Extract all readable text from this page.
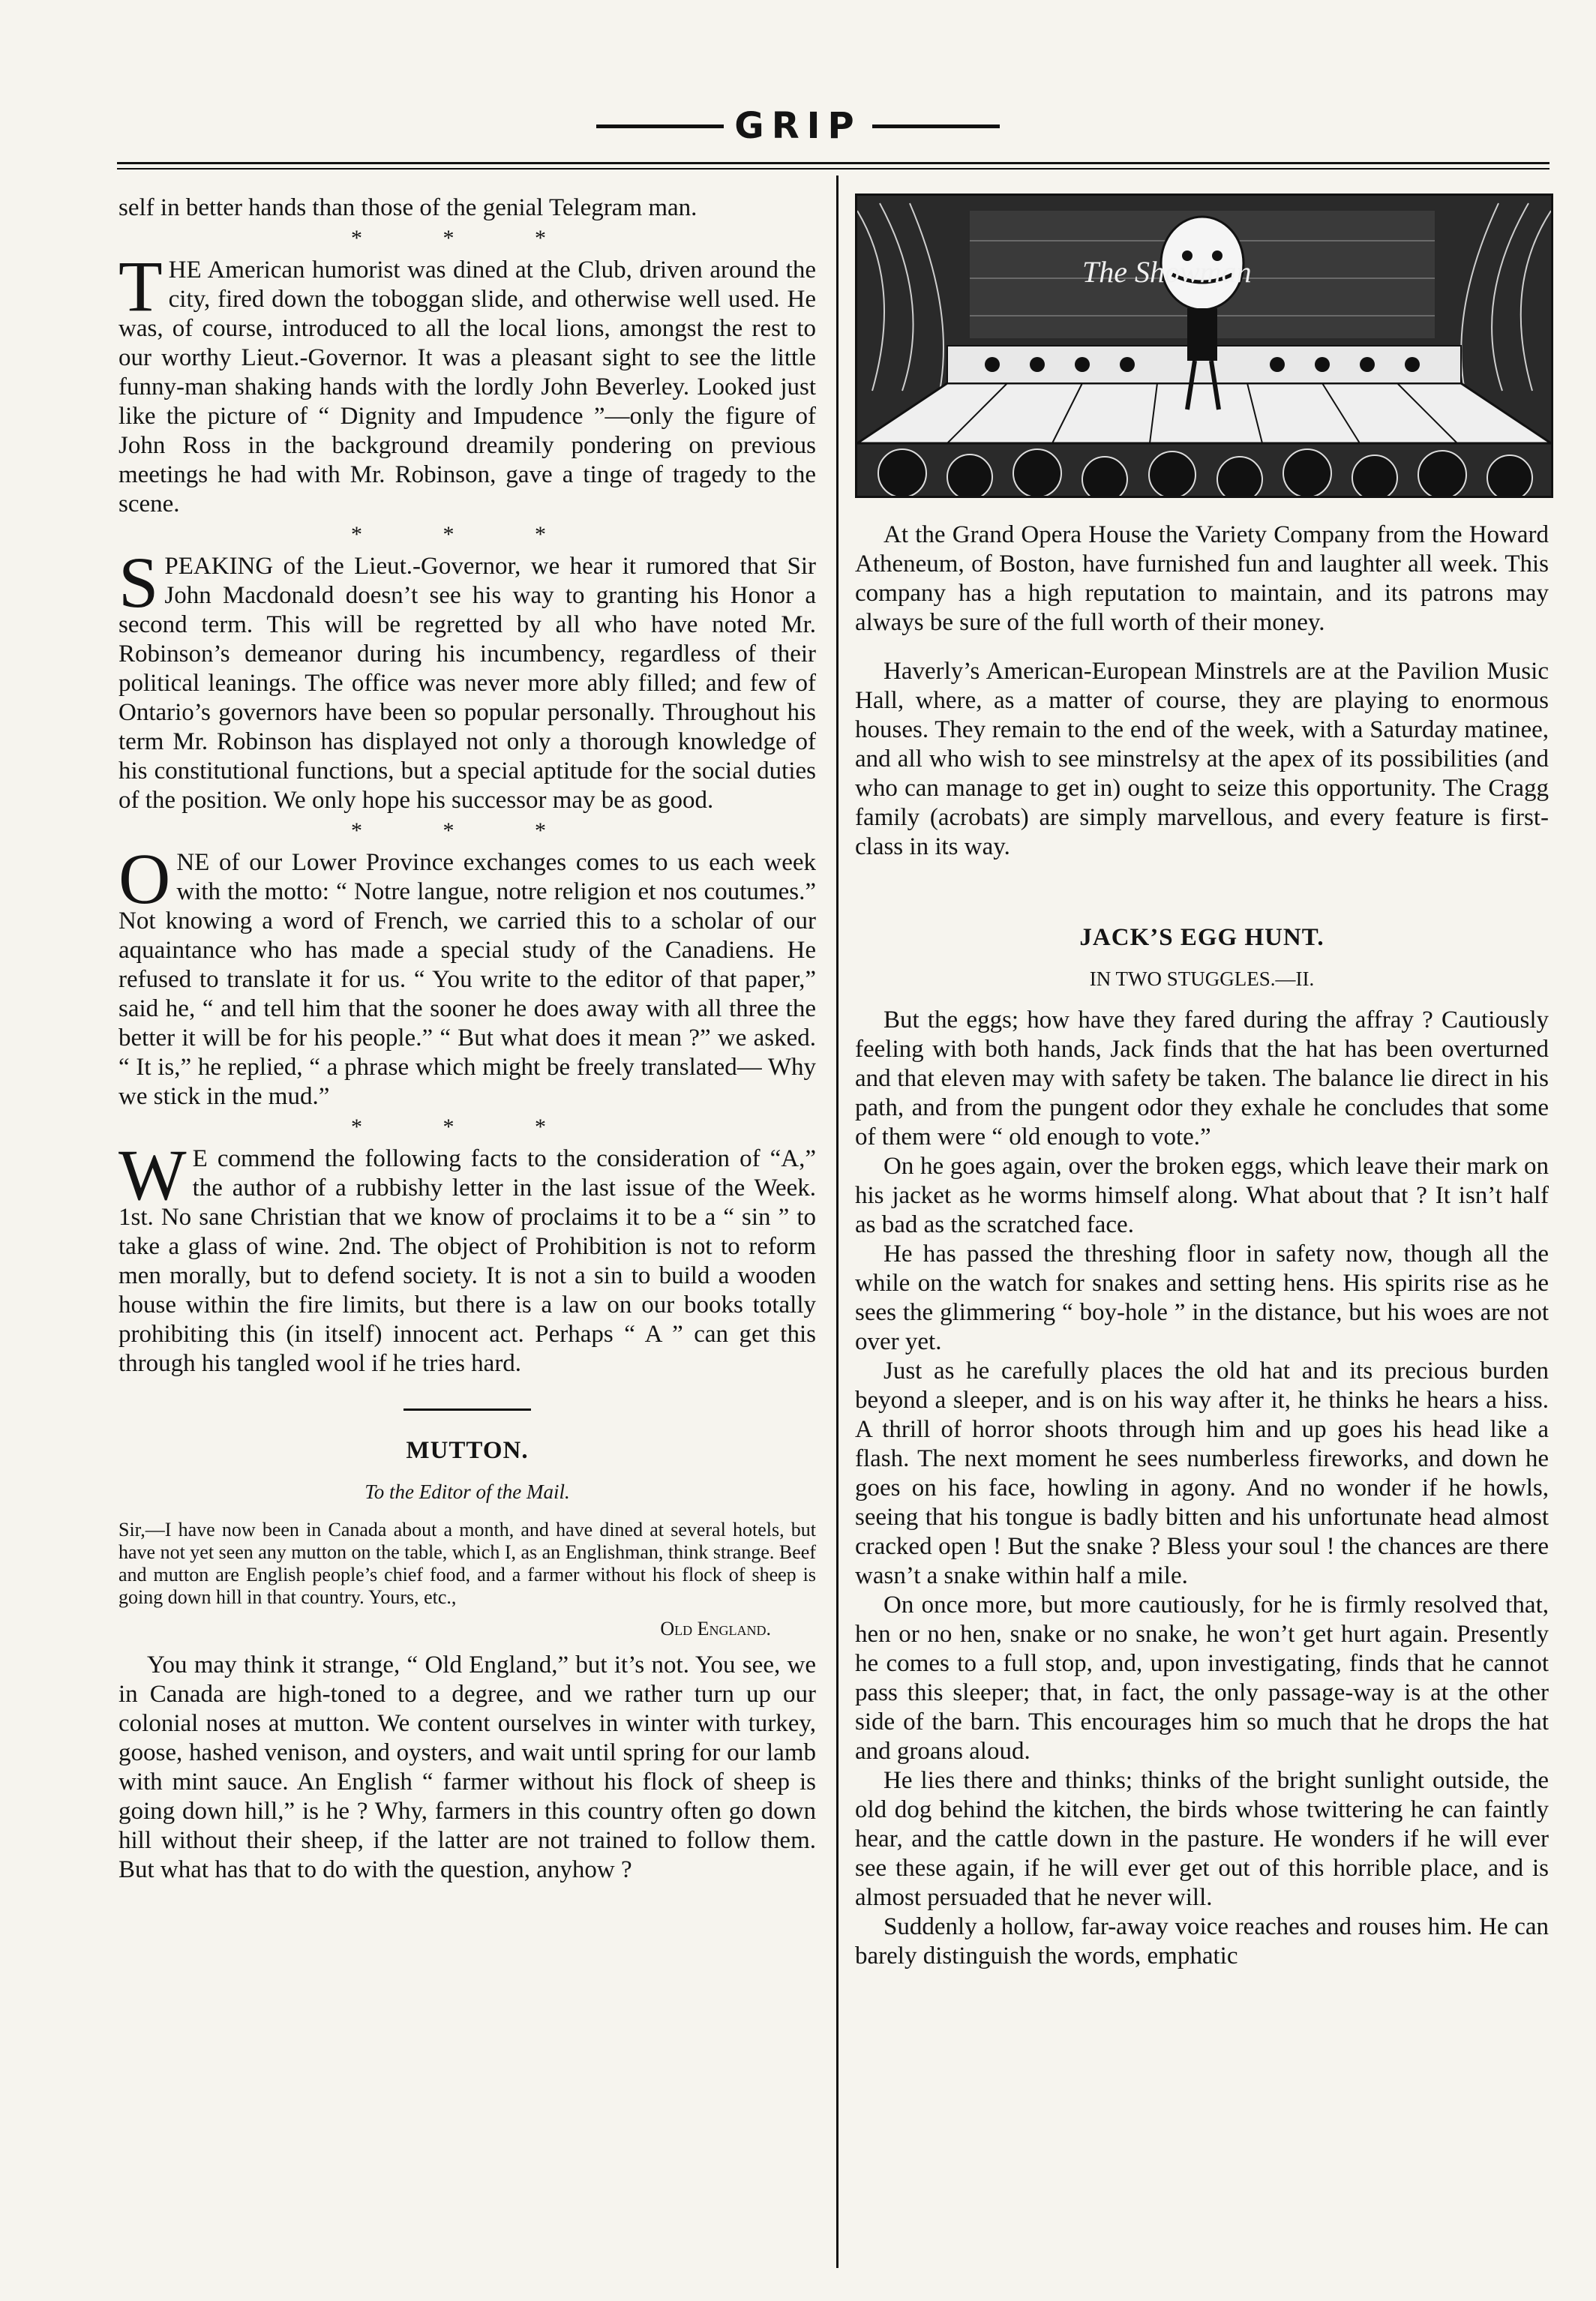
GRIP

self in better hands than those of the genial Telegram man.

* * *

THE American humorist was dined at the Club, driven around the city, fired down the toboggan slide, and otherwise well used. He was, of course, introduced to all the local lions, amongst the rest to our worthy Lieut.-Governor. It was a pleasant sight to see the little funny-man shaking hands with the lordly John Beverley. Looked just like the picture of “ Dignity and Impudence ”—only the figure of John Ross in the background dreamily pondering on previous meetings he had with Mr. Robinson, gave a tinge of tragedy to the scene.

* * *

SPEAKING of the Lieut.-Governor, we hear it rumored that Sir John Macdonald doesn’t see his way to granting his Honor a second term. This will be regretted by all who have noted Mr. Robinson’s demeanor during his incumbency, regardless of their political leanings. The office was never more ably filled; and few of Ontario’s governors have been so popular personally. Throughout his term Mr. Robinson has displayed not only a thorough knowledge of his constitutional functions, but a special aptitude for the social duties of the position. We only hope his successor may be as good.

* * *

ONE of our Lower Province exchanges comes to us each week with the motto: “ Notre langue, notre religion et nos coutumes.” Not knowing a word of French, we carried this to a scholar of our aquaintance who has made a special study of the Canadiens. He refused to translate it for us. “ You write to the editor of that paper,” said he, “ and tell him that the sooner he does away with all three the better it will be for his people.” “ But what does it mean ?” we asked. “ It is,” he replied, “ a phrase which might be freely translated— Why we stick in the mud.”

* * *

W E commend the following facts to the consideration of “A,” the author of a rubbishy letter in the last issue of the Week. 1st. No sane Christian that we know of proclaims it to be a “ sin ” to take a glass of wine. 2nd. The object of Prohibition is not to reform men morally, but to defend society. It is not a sin to build a wooden house within the fire limits, but there is a law on our books totally prohibiting this (in itself) innocent act. Perhaps “ A ” can get this through his tangled wool if he tries hard.

MUTTON.
To the Editor of the Mail.

Sir,—I have now been in Canada about a month, and have dined at several hotels, but have not yet seen any mutton on the table, which I, as an Englishman, think strange. Beef and mutton are English people’s chief food, and a farmer without his flock of sheep is going down hill in that country. Yours, etc.,

Old England.

You may think it strange, “ Old England,” but it’s not. You see, we in Canada are high-toned to a degree, and we rather turn up our colonial noses at mutton. We content ourselves in winter with turkey, goose, hashed venison, and oysters, and wait until spring for our lamb with mint sauce. An English “ farmer without his flock of sheep is going down hill,” is he ? Why, farmers in this country often go down hill without their sheep, if the latter are not trained to follow them. But what has that to do with the question, anyhow ?

The Showman

At the Grand Opera House the Variety Company from the Howard Atheneum, of Boston, have furnished fun and laughter all week. This company has a high reputation to maintain, and its patrons may always be sure of the full worth of their money.

Haverly’s American-European Minstrels are at the Pavilion Music Hall, where, as a matter of course, they are playing to enormous houses. They remain to the end of the week, with a Saturday matinee, and all who wish to see minstrelsy at the apex of its possibilities (and who can manage to get in) ought to seize this opportunity. The Cragg family (acrobats) are simply marvellous, and every feature is first-class in its way.

JACK’S EGG HUNT.
IN TWO STUGGLES.—II.

But the eggs; how have they fared during the affray ? Cautiously feeling with both hands, Jack finds that the hat has been overturned and that eleven may with safety be taken. The balance lie direct in his path, and from the pungent odor they exhale he concludes that some of them were “ old enough to vote.”

On he goes again, over the broken eggs, which leave their mark on his jacket as he worms himself along. What about that ? It isn’t half as bad as the scratched face.

He has passed the threshing floor in safety now, though all the while on the watch for snakes and setting hens. His spirits rise as he sees the glimmering “ boy-hole ” in the distance, but his woes are not over yet.

Just as he carefully places the old hat and its precious burden beyond a sleeper, and is on his way after it, he thinks he hears a hiss. A thrill of horror shoots through him and up goes his head like a flash. The next moment he sees numberless fireworks, and down he goes on his face, howling in agony. And no wonder if he howls, seeing that his tongue is badly bitten and his unfortunate head almost cracked open ! But the snake ? Bless your soul ! the chances are there wasn’t a snake within half a mile.

On once more, but more cautiously, for he is firmly resolved that, hen or no hen, snake or no snake, he won’t get hurt again. Presently he comes to a full stop, and, upon investigating, finds that he cannot pass this sleeper; that, in fact, the only passage-way is at the other side of the barn. This encourages him so much that he drops the hat and groans aloud.

He lies there and thinks; thinks of the bright sunlight outside, the old dog behind the kitchen, the birds whose twittering he can faintly hear, and the cattle down in the pasture. He wonders if he will ever see these again, if he will ever get out of this horrible place, and is almost persuaded that he never will.

Suddenly a hollow, far-away voice reaches and rouses him. He can barely distinguish the words, emphatic
